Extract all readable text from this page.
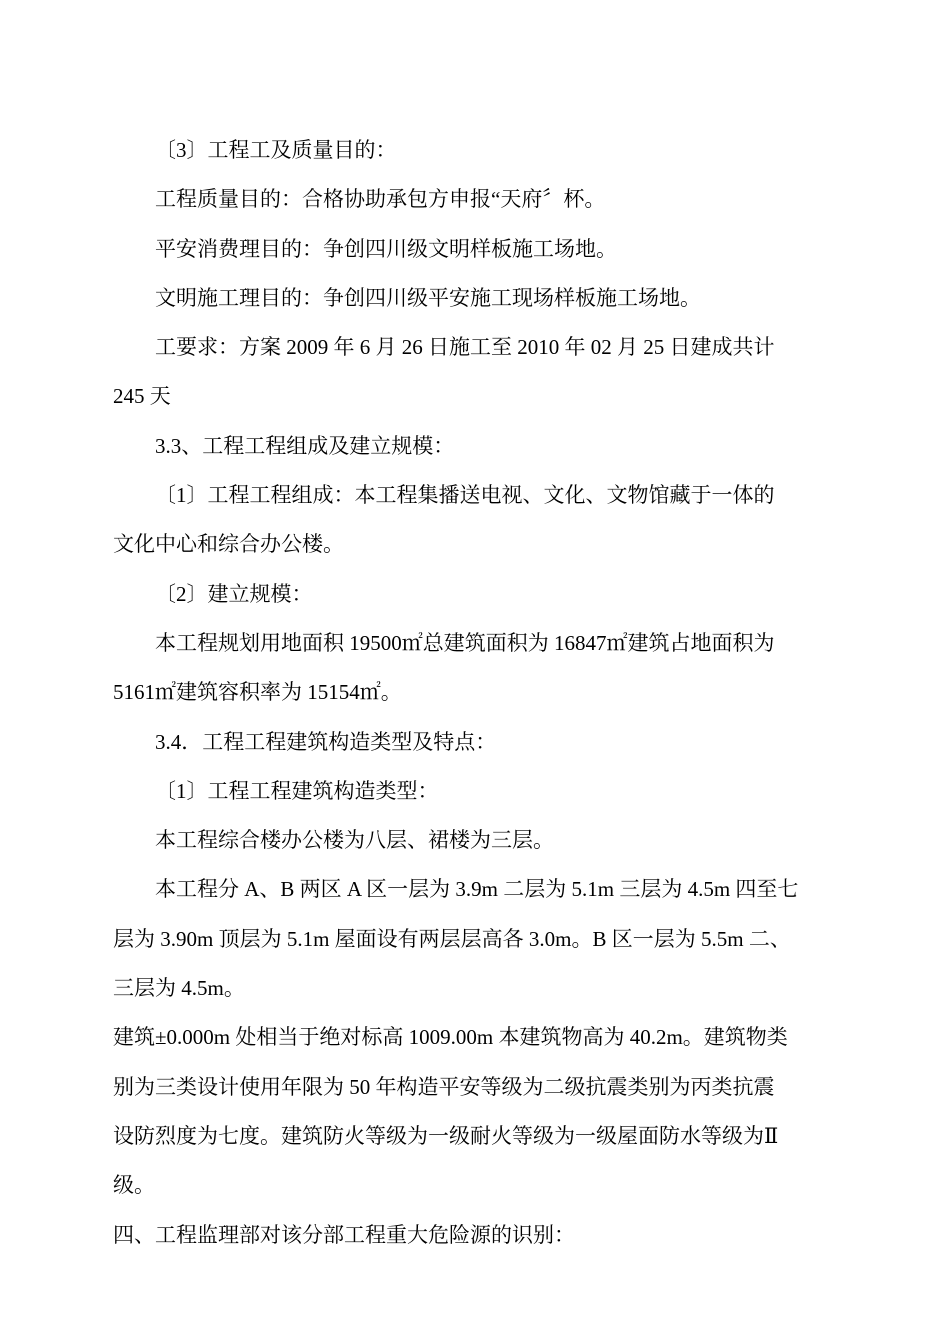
〔3〕工程工及质量目的：

工程质量目的：合格协助承包方申报“天府〞杯。

平安消费理目的：争创四川级文明样板施工场地。

文明施工理目的：争创四川级平安施工现场样板施工场地。

工要求：方案 2009 年 6 月 26 日施工至 2010 年 02 月 25 日建成共计

245 天

3.3、工程工程组成及建立规模：

〔1〕工程工程组成：本工程集播送电视、文化、文物馆藏于一体的

文化中心和综合办公楼。

〔2〕建立规模：

本工程规划用地面积 19500㎡总建筑面积为 16847㎡建筑占地面积为

5161㎡建筑容积率为 15154㎡。

3.4．工程工程建筑构造类型及特点：

〔1〕工程工程建筑构造类型：

本工程综合楼办公楼为八层、裙楼为三层。

本工程分 A、B 两区 A 区一层为 3.9m 二层为 5.1m 三层为 4.5m 四至七

层为 3.90m 顶层为 5.1m 屋面设有两层层高各 3.0m。B 区一层为 5.5m 二、

三层为 4.5m。

建筑±0.000m 处相当于绝对标高 1009.00m 本建筑物高为 40.2m。建筑物类

别为三类设计使用年限为 50 年构造平安等级为二级抗震类别为丙类抗震

设防烈度为七度。建筑防火等级为一级耐火等级为一级屋面防水等级为Ⅱ

级。

四、工程监理部对该分部工程重大危险源的识别：
